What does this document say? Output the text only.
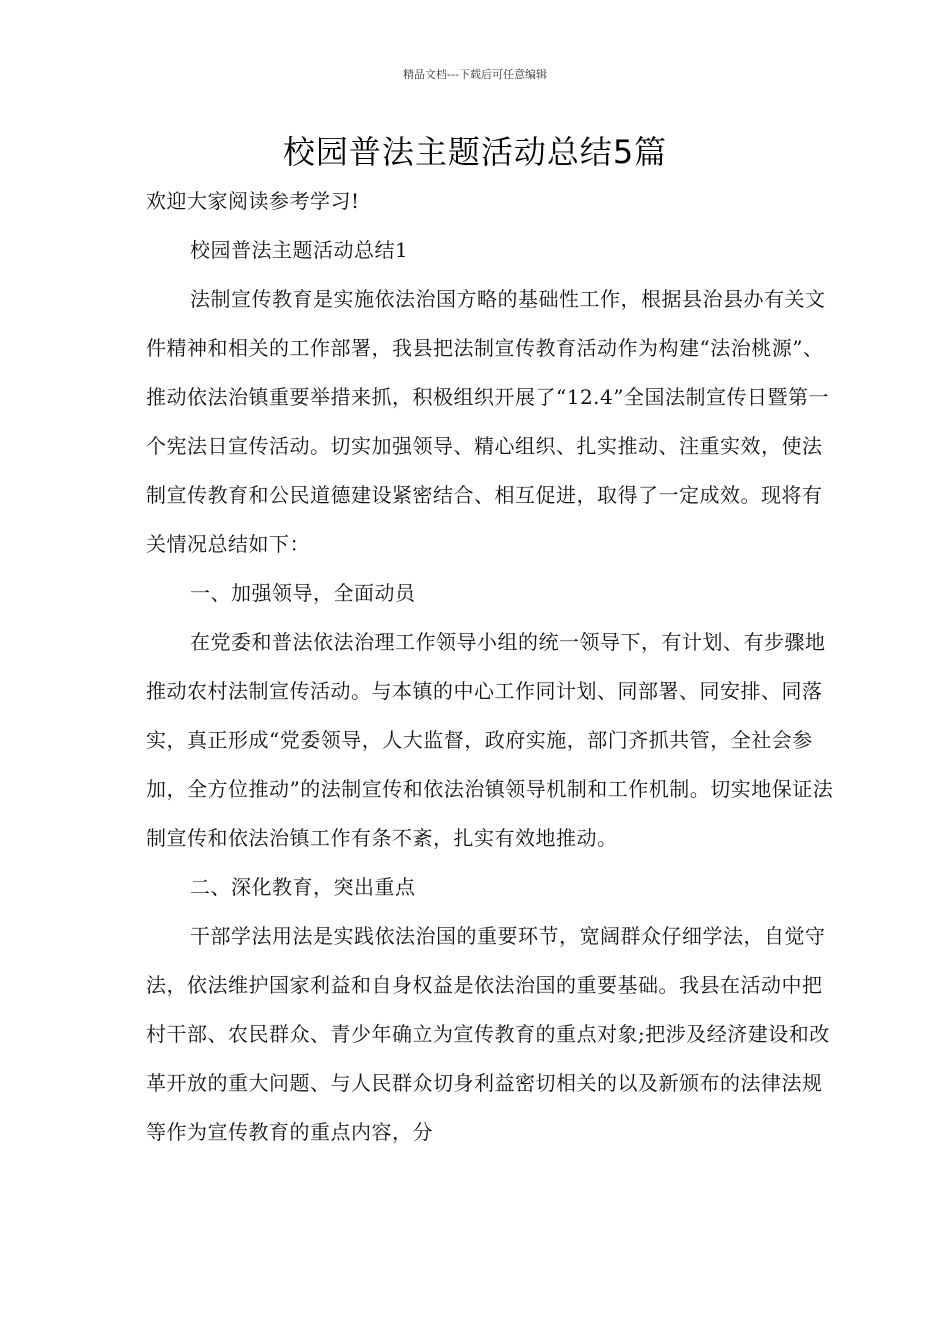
精品文档---下载后可任意编辑
校园普法主题活动总结5篇

欢迎大家阅读参考学习!

校园普法主题活动总结1

法制宣传教育是实施依法治国方略的基础性工作，根据县治县办有关文件精神和相关的工作部署，我县把法制宣传教育活动作为构建“法治桃源”、推动依法治镇重要举措来抓，积极组织开展了“12.4”全国法制宣传日暨第一个宪法日宣传活动。切实加强领导、精心组织、扎实推动、注重实效，使法制宣传教育和公民道德建设紧密结合、相互促进，取得了一定成效。现将有关情况总结如下：

一、加强领导，全面动员

在党委和普法依法治理工作领导小组的统一领导下，有计划、有步骤地推动农村法制宣传活动。与本镇的中心工作同计划、同部署、同安排、同落实，真正形成“党委领导，人大监督，政府实施，部门齐抓共管，全社会参加，全方位推动”的法制宣传和依法治镇领导机制和工作机制。切实地保证法制宣传和依法治镇工作有条不紊，扎实有效地推动。

二、深化教育，突出重点

干部学法用法是实践依法治国的重要环节，宽阔群众仔细学法，自觉守法，依法维护国家利益和自身权益是依法治国的重要基础。我县在活动中把村干部、农民群众、青少年确立为宣传教育的重点对象;把涉及经济建设和改革开放的重大问题、与人民群众切身利益密切相关的以及新颁布的法律法规等作为宣传教育的重点内容，分
